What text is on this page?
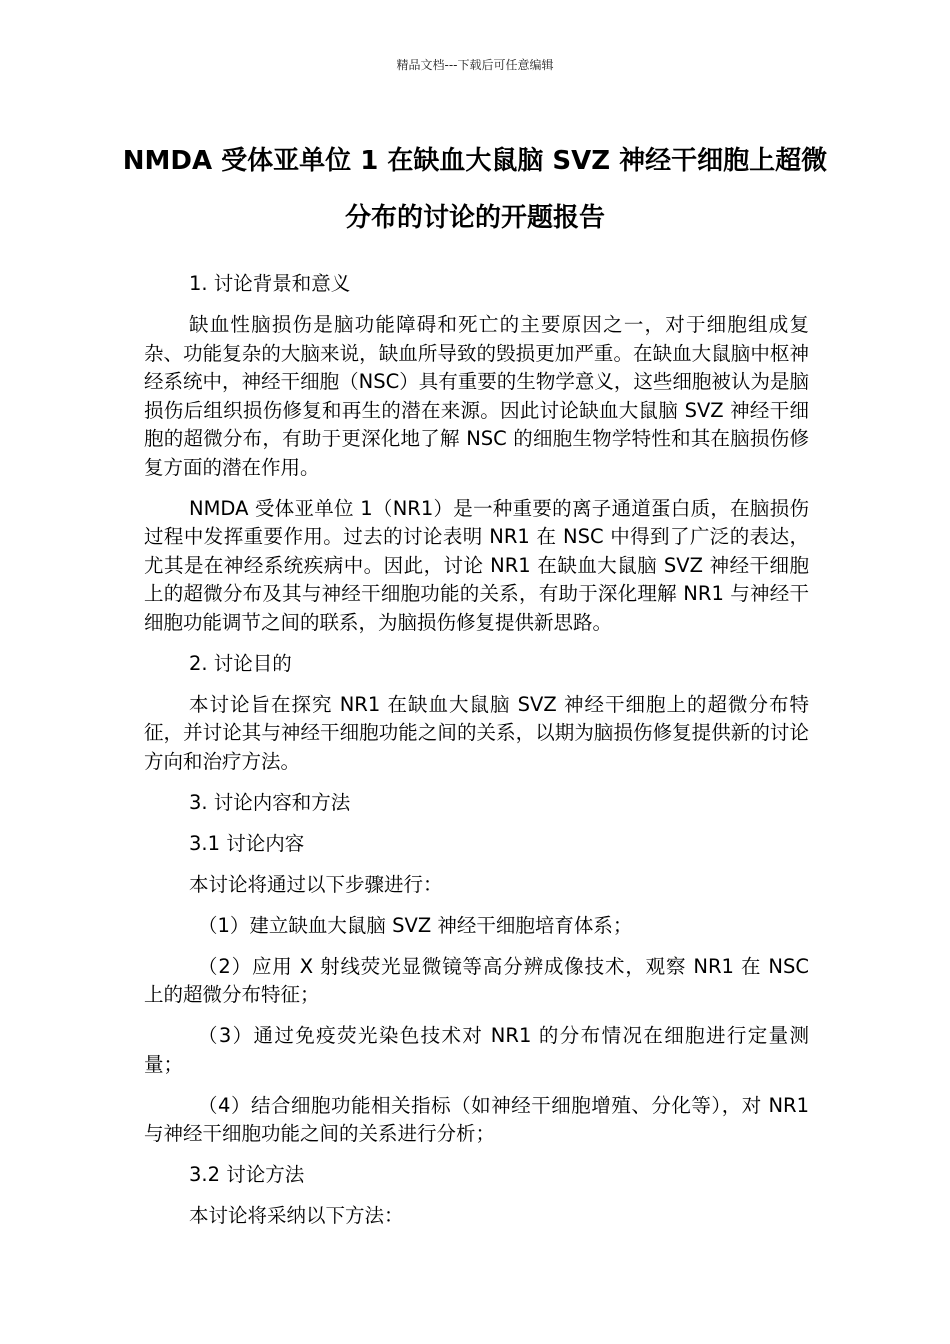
精品文档---下载后可任意编辑
NMDA 受体亚单位 1 在缺血大鼠脑 SVZ 神经干细胞上超微分布的讨论的开题报告

1. 讨论背景和意义

缺血性脑损伤是脑功能障碍和死亡的主要原因之一，对于细胞组成复杂、功能复杂的大脑来说，缺血所导致的毁损更加严重。在缺血大鼠脑中枢神经系统中，神经干细胞（NSC）具有重要的生物学意义，这些细胞被认为是脑损伤后组织损伤修复和再生的潜在来源。因此讨论缺血大鼠脑 SVZ 神经干细胞的超微分布，有助于更深化地了解 NSC 的细胞生物学特性和其在脑损伤修复方面的潜在作用。

NMDA 受体亚单位 1（NR1）是一种重要的离子通道蛋白质，在脑损伤过程中发挥重要作用。过去的讨论表明 NR1 在 NSC 中得到了广泛的表达，尤其是在神经系统疾病中。因此，讨论 NR1 在缺血大鼠脑 SVZ 神经干细胞上的超微分布及其与神经干细胞功能的关系，有助于深化理解 NR1 与神经干细胞功能调节之间的联系，为脑损伤修复提供新思路。

2. 讨论目的

本讨论旨在探究 NR1 在缺血大鼠脑 SVZ 神经干细胞上的超微分布特征，并讨论其与神经干细胞功能之间的关系，以期为脑损伤修复提供新的讨论方向和治疗方法。

3. 讨论内容和方法

3.1 讨论内容

本讨论将通过以下步骤进行：

（1）建立缺血大鼠脑 SVZ 神经干细胞培育体系；

（2）应用 X 射线荧光显微镜等高分辨成像技术，观察 NR1 在 NSC 上的超微分布特征；

（3）通过免疫荧光染色技术对 NR1 的分布情况在细胞进行定量测量；

（4）结合细胞功能相关指标（如神经干细胞增殖、分化等），对 NR1 与神经干细胞功能之间的关系进行分析；

3.2 讨论方法

本讨论将采纳以下方法：
